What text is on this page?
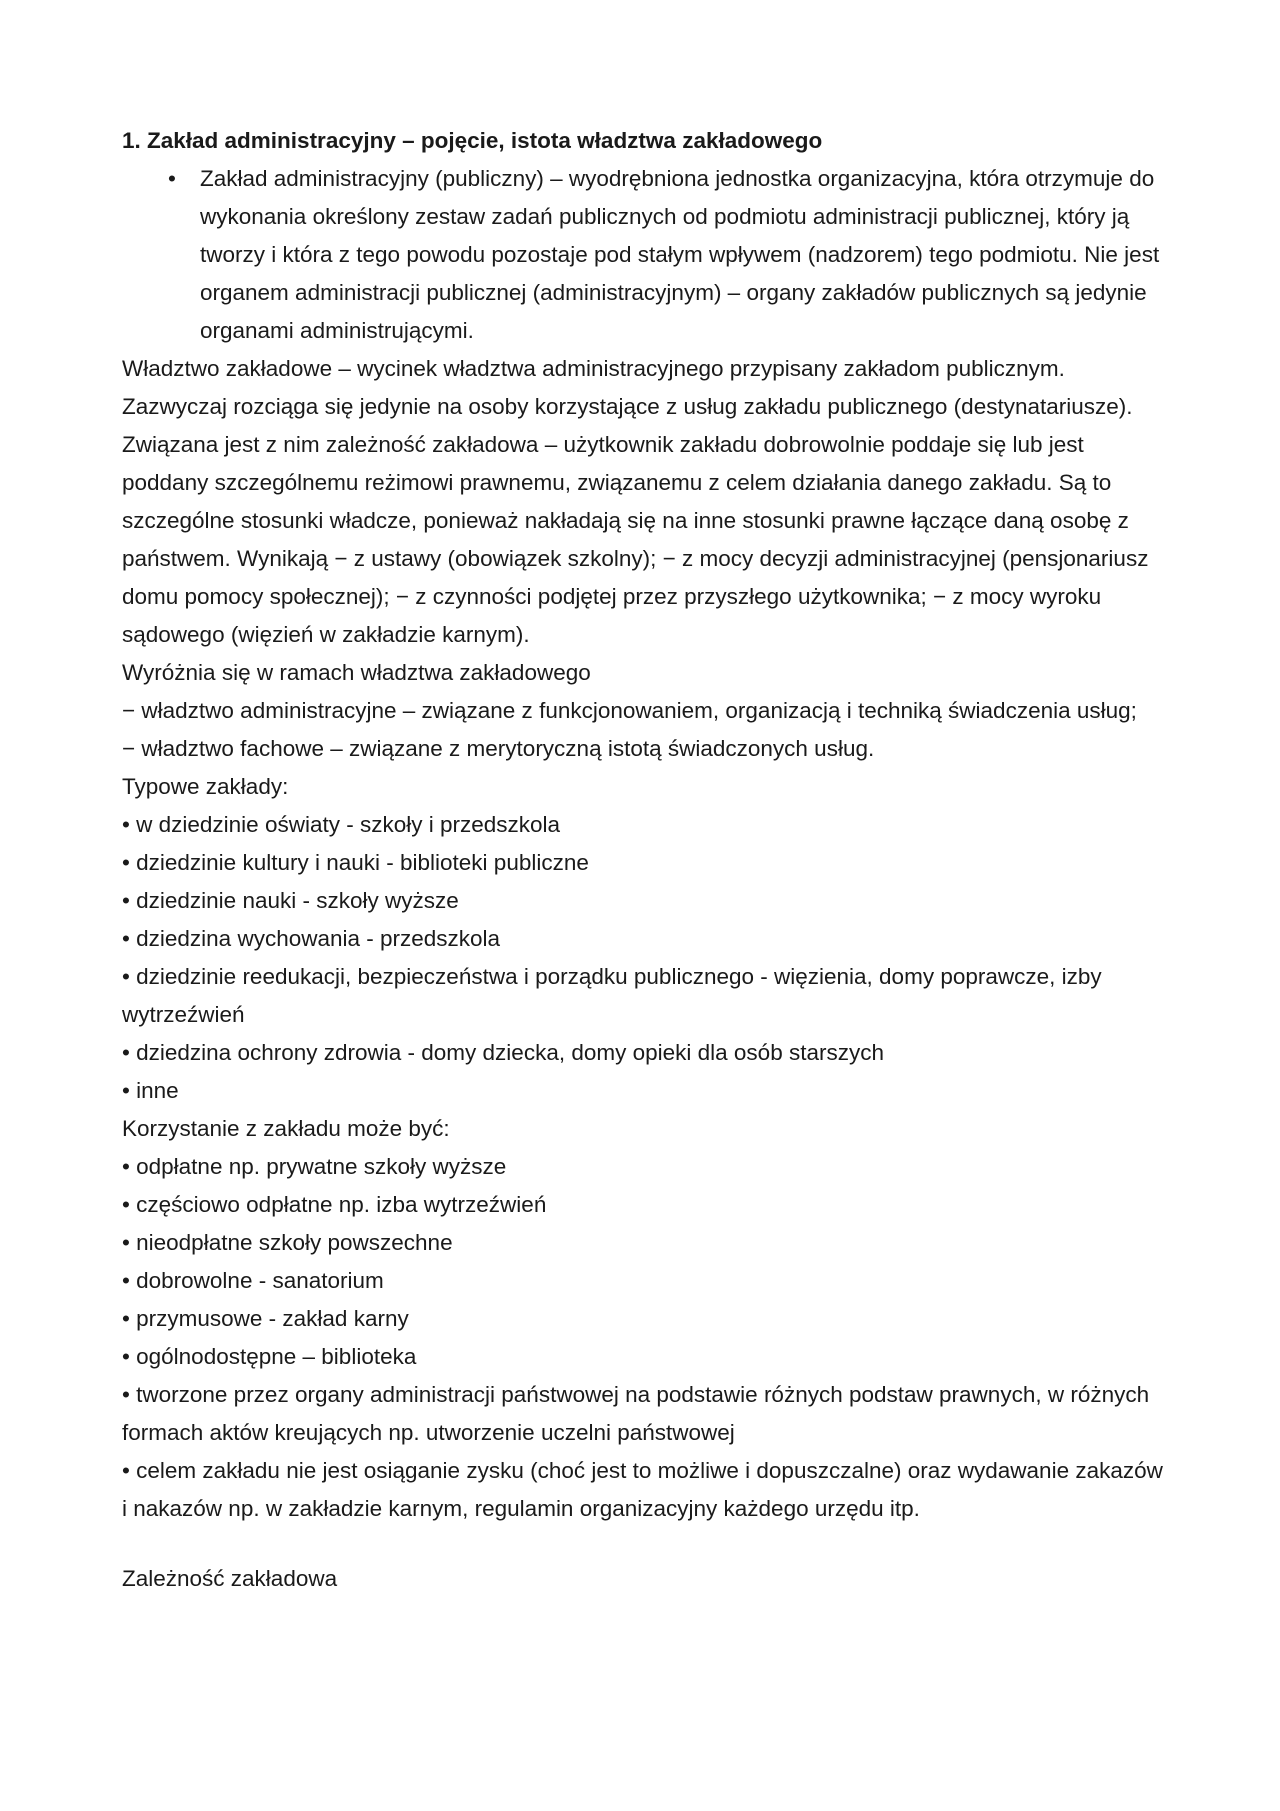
1. Zakład administracyjny – pojęcie, istota władztwa zakładowego

• Zakład administracyjny (publiczny) – wyodrębniona jednostka organizacyjna, która otrzymuje do wykonania określony zestaw zadań publicznych od podmiotu administracji publicznej, który ją tworzy i która z tego powodu pozostaje pod stałym wpływem (nadzorem) tego podmiotu. Nie jest organem administracji publicznej (administracyjnym) – organy zakładów publicznych są jedynie organami administrującymi.

Władztwo zakładowe – wycinek władztwa administracyjnego przypisany zakładom publicznym. Zazwyczaj rozciąga się jedynie na osoby korzystające z usług zakładu publicznego (destynatariusze). Związana jest z nim zależność zakładowa – użytkownik zakładu dobrowolnie poddaje się lub jest poddany szczególnemu reżimowi prawnemu, związanemu z celem działania danego zakładu. Są to szczególne stosunki władcze, ponieważ nakładają się na inne stosunki prawne łączące daną osobę z państwem. Wynikają − z ustawy (obowiązek szkolny); − z mocy decyzji administracyjnej (pensjonariusz domu pomocy społecznej); − z czynności podjętej przez przyszłego użytkownika; − z mocy wyroku sądowego (więzień w zakładzie karnym).

Wyróżnia się w ramach władztwa zakładowego

− władztwo administracyjne – związane z funkcjonowaniem, organizacją i techniką świadczenia usług;

− władztwo fachowe – związane z merytoryczną istotą świadczonych usług.

Typowe zakłady:

• w dziedzinie oświaty - szkoły i przedszkola

• dziedzinie kultury i nauki - biblioteki publiczne

• dziedzinie nauki - szkoły wyższe

• dziedzina wychowania - przedszkola

• dziedzinie reedukacji, bezpieczeństwa i porządku publicznego - więzienia, domy poprawcze, izby wytrzeźwień

• dziedzina ochrony zdrowia - domy dziecka, domy opieki dla osób starszych

• inne

Korzystanie z zakładu może być:

• odpłatne np. prywatne szkoły wyższe

• częściowo odpłatne np. izba wytrzeźwień

• nieodpłatne szkoły powszechne

• dobrowolne - sanatorium

• przymusowe - zakład karny

• ogólnodostępne – biblioteka

• tworzone przez organy administracji państwowej na podstawie różnych podstaw prawnych, w różnych formach aktów kreujących np. utworzenie uczelni państwowej

• celem zakładu nie jest osiąganie zysku (choć jest to możliwe i dopuszczalne) oraz wydawanie zakazów i nakazów np. w zakładzie karnym, regulamin organizacyjny każdego urzędu itp.

Zależność zakładowa
